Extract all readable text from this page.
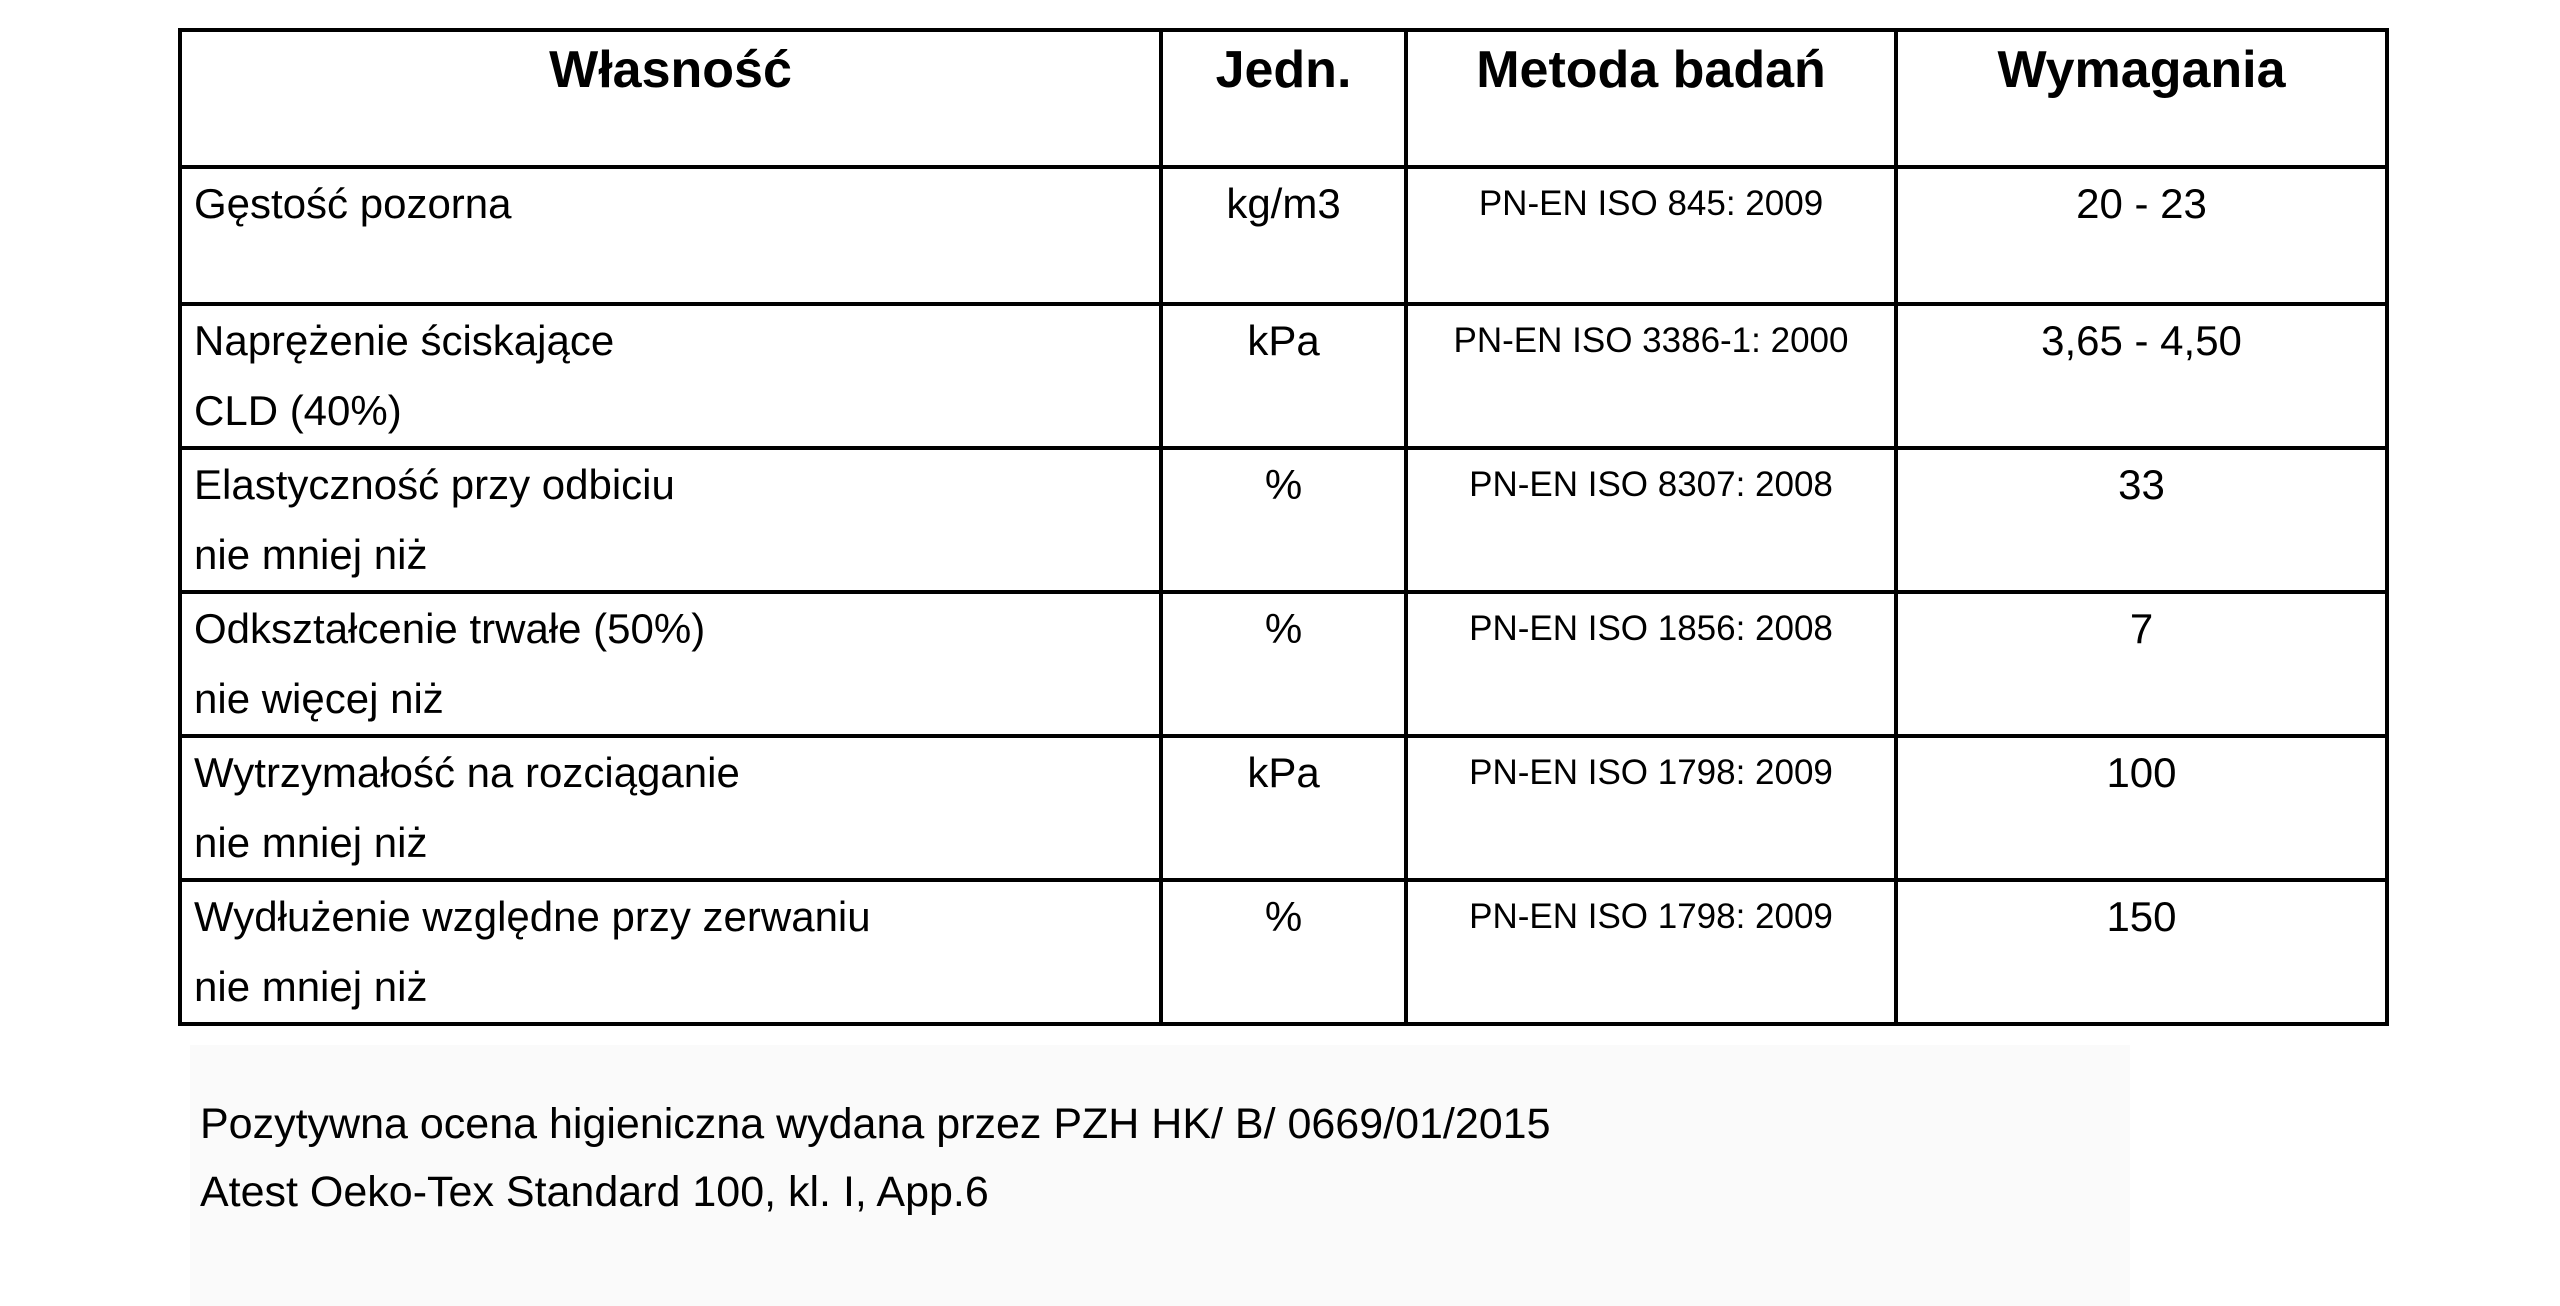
Własność	Jedn.	Metoda badań	Wymagania

Gęstość pozorna	kg/m3	PN-EN ISO 845: 2009	20 - 23

Naprężenie ściskające
CLD (40%)	kPa	PN-EN ISO 3386-1: 2000	3,65 - 4,50

Elastyczność przy odbiciu
nie mniej niż	%	PN-EN ISO 8307: 2008	33

Odkształcenie trwałe (50%)
nie więcej niż	%	PN-EN ISO 1856: 2008	7

Wytrzymałość na rozciąganie
nie mniej niż	kPa	PN-EN ISO 1798: 2009	100

Wydłużenie względne przy zerwaniu
nie mniej niż	%	PN-EN ISO 1798: 2009	150
Pozytywna ocena higieniczna wydana przez PZH HK/ B/ 0669/01/2015
Atest Oeko-Tex Standard 100, kl. I, App.6
